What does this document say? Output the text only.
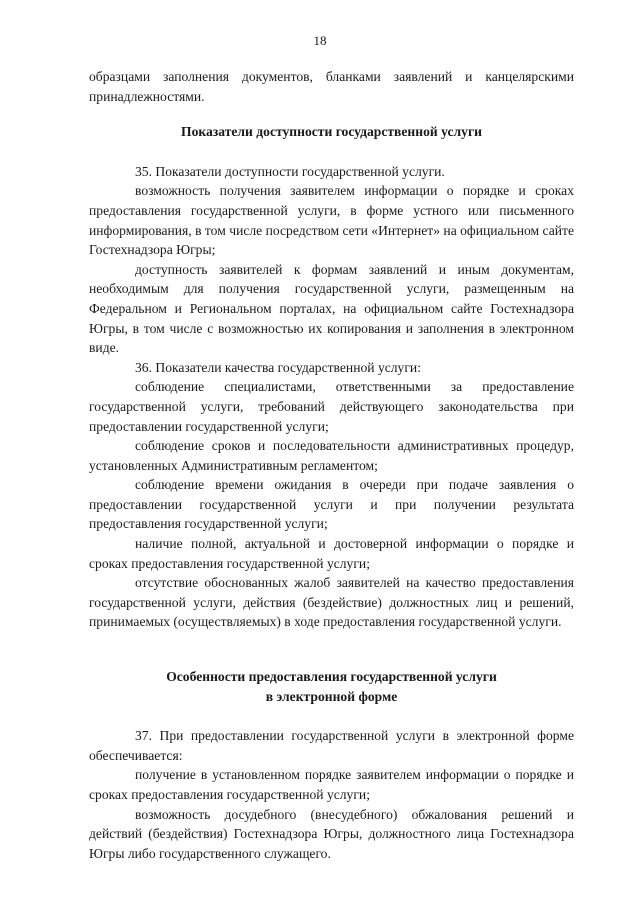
18

образцами заполнения документов, бланками заявлений и канцелярскими принадлежностями.

Показатели доступности государственной услуги

35. Показатели доступности государственной услуги.

возможность получения заявителем информации о порядке и сроках предоставления государственной услуги, в форме устного или письменного информирования, в том числе посредством сети «Интернет» на официальном сайте Гостехнадзора Югры;

доступность заявителей к формам заявлений и иным документам, необходимым для получения государственной услуги, размещенным на Федеральном и Региональном порталах, на официальном сайте Гостехнадзора Югры, в том числе с возможностью их копирования и заполнения в электронном виде.

36. Показатели качества государственной услуги:

соблюдение специалистами, ответственными за предоставление государственной услуги, требований действующего законодательства при предоставлении государственной услуги;

соблюдение сроков и последовательности административных процедур, установленных Административным регламентом;

соблюдение времени ожидания в очереди при подаче заявления о предоставлении государственной услуги и при получении результата предоставления государственной услуги;

наличие полной, актуальной и достоверной информации о порядке и сроках предоставления государственной услуги;

отсутствие обоснованных жалоб заявителей на качество предоставления государственной услуги, действия (бездействие) должностных лиц и решений, принимаемых (осуществляемых) в ходе предоставления государственной услуги.

Особенности предоставления государственной услуги
в электронной форме

37. При предоставлении государственной услуги в электронной форме обеспечивается:

получение в установленном порядке заявителем информации о порядке и сроках предоставления государственной услуги;

возможность досудебного (внесудебного) обжалования решений и действий (бездействия) Гостехнадзора Югры, должностного лица Гостехнадзора Югры либо государственного служащего.
